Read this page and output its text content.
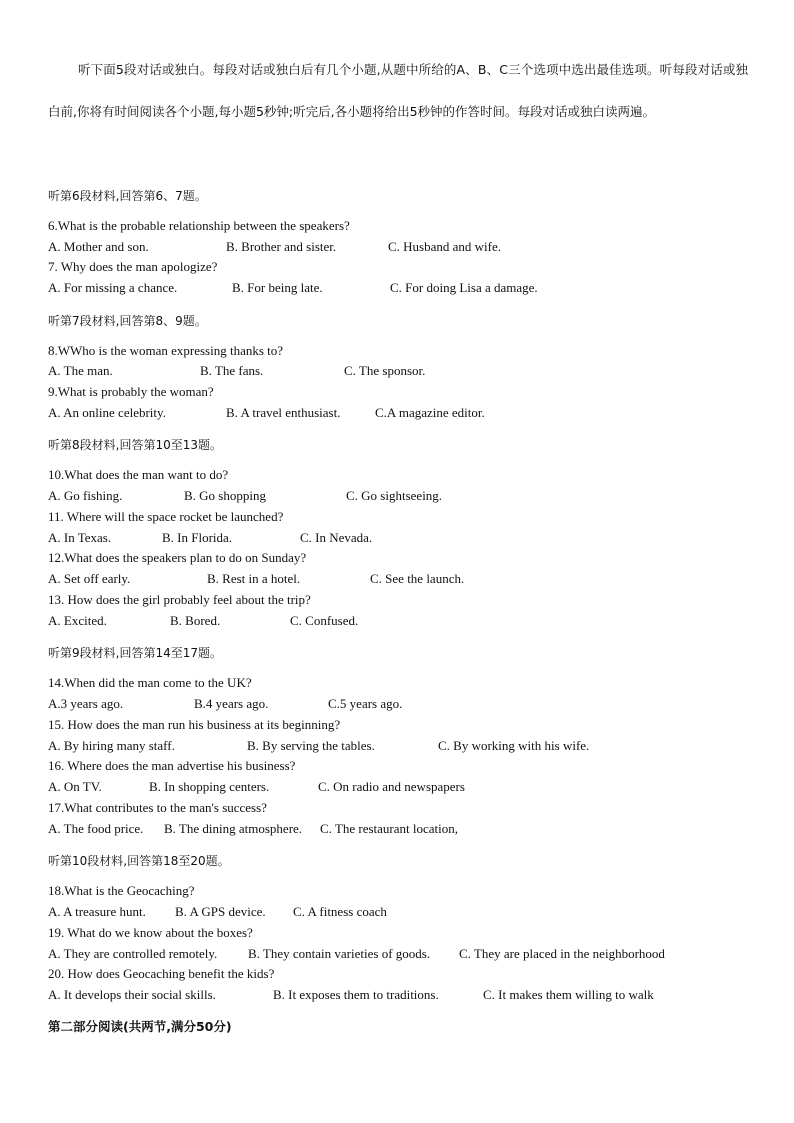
听下面5段对话或独白。每段对话或独白后有几个小题,从题中所给的A、B、C三个选项中选出最佳选项。听每段对话或独白前,你将有时间阅读各个小题,每小题5秒钟;听完后,各小题将给出5秒钟的作答时间。每段对话或独白读两遍。
听第6段材料,回答第6、7题。
6.What is the probable relationship between the speakers?
A. Mother and son.	B. Brother and sister.	C. Husband and wife.
7. Why does the man apologize?
A. For missing a chance.	B. For being late.	C. For doing Lisa a damage.
听第7段材料,回答第8、9题。
8.WWho is the woman expressing thanks to?
A. The man.	B. The fans.	C. The sponsor.
9.What is probably the woman?
A. An online celebrity.	B. A travel enthusiast.	C.A magazine editor.
听第8段材料,回答第10至13题。
10.What does the man want to do?
A. Go fishing.	B. Go shopping	C. Go sightseeing.
11. Where will the space rocket be launched?
A. In Texas.	B. In Florida.	C. In Nevada.
12.What does the speakers plan to do on Sunday?
A. Set off early.	B. Rest in a hotel.	C. See the launch.
13. How does the girl probably feel about the trip?
A. Excited.	B. Bored.	C. Confused.
听第9段材料,回答第14至17题。
14.When did the man come to the UK?
A.3 years ago.	B.4 years ago.	C.5 years ago.
15. How does the man run his business at its beginning?
A. By hiring many staff.	B. By serving the tables.	C. By working with his wife.
16. Where does the man advertise his business?
A. On TV.	B. In shopping centers.	C. On radio and newspapers
17.What contributes to the man's success?
A. The food price. B. The dining atmosphere. C. The restaurant location,
听第10段材料,回答第18至20题。
18.What is the Geocaching?
A. A treasure hunt. B. A GPS device. C. A fitness coach
19. What do we know about the boxes?
A. They are controlled remotely. B. They contain varieties of goods. C. They are placed in the neighborhood
20. How does Geocaching benefit the kids?
A. It develops their social skills.	B. It exposes them to traditions.	C. It makes them willing to walk
第二部分阅读(共两节,满分50分)
